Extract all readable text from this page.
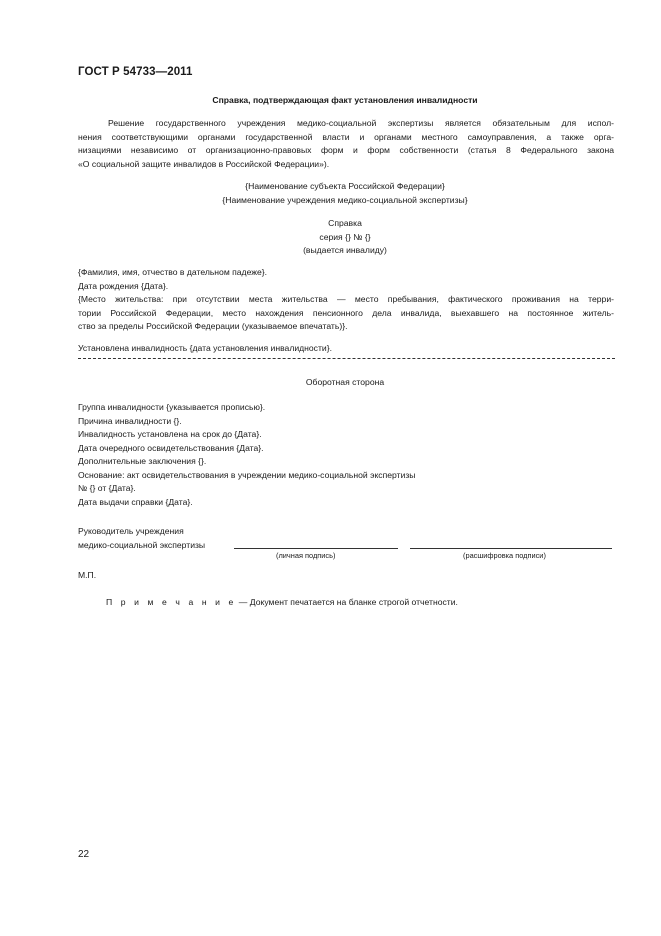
ГОСТ Р 54733—2011
Справка, подтверждающая факт установления инвалидности
Решение государственного учреждения медико-социальной экспертизы является обязательным для испол-
нения соответствующими органами государственной власти и органами местного самоуправления, а также орга-
низациями независимо от организационно-правовых форм и форм собственности (статья 8 Федерального закона
«О социальной защите инвалидов в Российской Федерации»).
{Наименование субъекта Российской Федерации}
{Наименование учреждения медико-социальной экспертизы}
Справка
серия {} № {}
(выдается инвалиду)
{Фамилия, имя, отчество в дательном падеже}.
Дата рождения {Дата}.
{Место жительства: при отсутствии места жительства — место пребывания, фактического проживания на терри-
тории Российской Федерации, место нахождения пенсионного дела инвалида, выехавшего на постоянное житель-
ство за пределы Российской Федерации (указываемое впечатать)}.
Установлена инвалидность {дата установления инвалидности}.
Оборотная сторона
Группа инвалидности {указывается прописью}.
Причина инвалидности {}.
Инвалидность установлена на срок до {Дата}.
Дата очередного освидетельствования {Дата}.
Дополнительные заключения {}.
Основание: акт освидетельствования в учреждении медико-социальной экспертизы
№ {} от {Дата}.
Дата выдачи справки {Дата}.
Руководитель учреждения
медико-социальной экспертизы
(личная подпись)	(расшифровка подписи)
М.П.
П р и м е ч а н и е — Документ печатается на бланке строгой отчетности.
22
